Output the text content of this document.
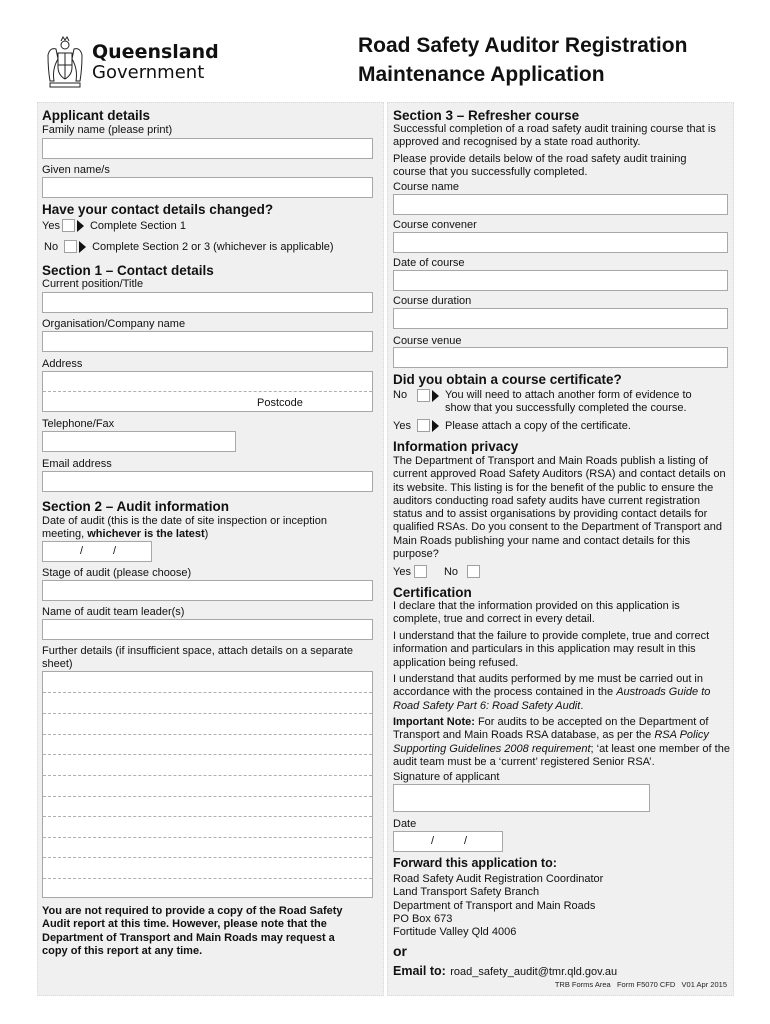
Queensland
Government
Road Safety Auditor Registration
Maintenance Application
Applicant details
Family name (please print)
Given name/s
Have your contact details changed?
Yes	Complete Section 1
No	Complete Section 2 or 3 (whichever is applicable)
Section 1 – Contact details
Current position/Title
Organisation/Company name
Address
Postcode
Telephone/Fax
Email address
Section 2 – Audit information
Date of audit (this is the date of site inspection or inception
meeting, whichever is the latest)
/	/
Stage of audit (please choose)
Name of audit team leader(s)
Further details (if insufficient space, attach details on a separate
sheet)
You are not required to provide a copy of the Road Safety Audit report at this time. However, please note that the Department of Transport and Main Roads may request a copy of this report at any time.
Section 3 – Refresher course
Successful completion of a road safety audit training course that is approved and recognised by a state road authority.
Please provide details below of the road safety audit training course that you successfully completed.
Course name
Course convener
Date of course
Course duration
Course venue
Did you obtain a course certificate?
No	You will need to attach another form of evidence to show that you successfully completed the course.
Yes	Please attach a copy of the certificate.
Information privacy
The Department of Transport and Main Roads publish a listing of current approved Road Safety Auditors (RSA) and contact details on its website. This listing is for the benefit of the public to ensure the auditors conducting road safety audits have current registration status and to assist organisations by providing contact details for qualified RSAs. Do you consent to the Department of Transport and Main Roads publishing your name and contact details for this purpose?
Yes	No
Certification
I declare that the information provided on this application is complete, true and correct in every detail.
I understand that the failure to provide complete, true and correct information and particulars in this application may result in this application being refused.
I understand that audits performed by me must be carried out in accordance with the process contained in the Austroads Guide to Road Safety Part 6: Road Safety Audit.
Important Note: For audits to be accepted on the Department of Transport and Main Roads RSA database, as per the RSA Policy Supporting Guidelines 2008 requirement; ‘at least one member of the audit team must be a ‘current’ registered Senior RSA’.
Signature of applicant
Date
/	/
Forward this application to:
Road Safety Audit Registration Coordinator
Land Transport Safety Branch
Department of Transport and Main Roads
PO Box 673
Fortitude Valley Qld 4006
or
Email to: road_safety_audit@tmr.qld.gov.au
TRB Forms Area   Form F5070 CFD   V01 Apr 2015
